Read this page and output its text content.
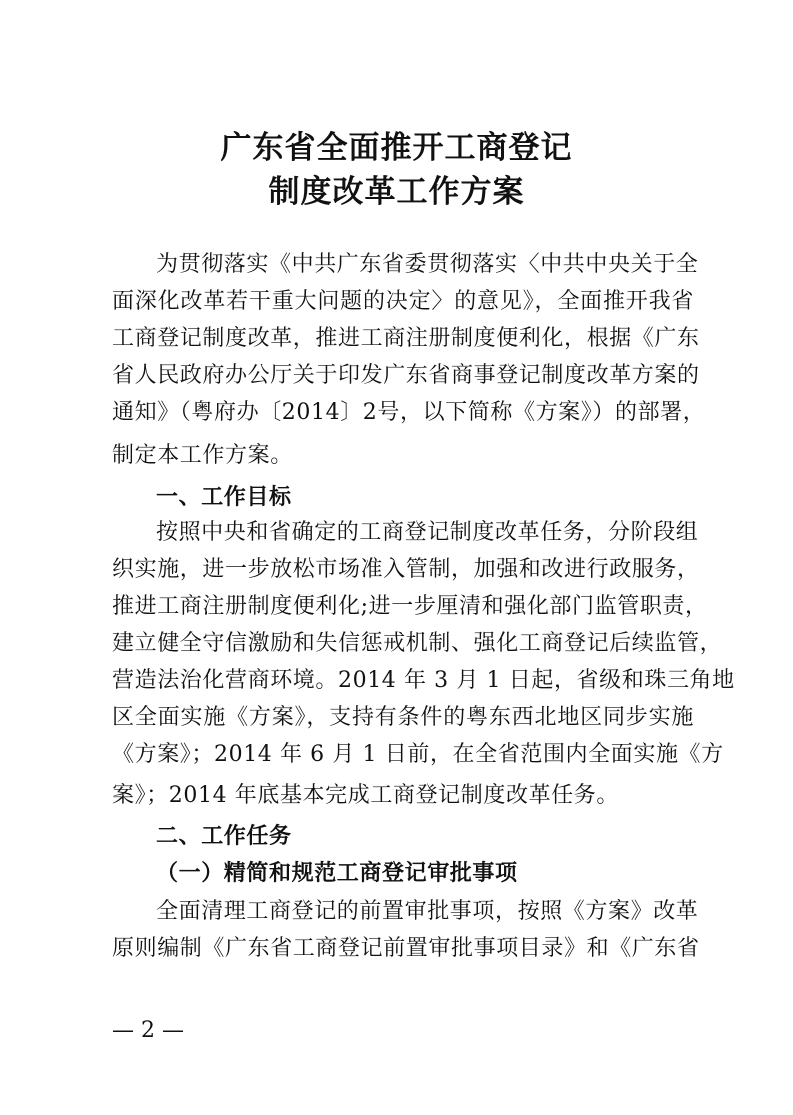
广东省全面推开工商登记
制度改革工作方案
为贯彻落实《中共广东省委贯彻落实〈中共中央关于全
面深化改革若干重大问题的决定〉的意见》，全面推开我省
工商登记制度改革，推进工商注册制度便利化，根据《广东
省人民政府办公厅关于印发广东省商事登记制度改革方案的
通知》（粤府办〔2014〕2号，以下简称《方案》）的部署，
制定本工作方案。
一、工作目标
按照中央和省确定的工商登记制度改革任务，分阶段组
织实施，进一步放松市场准入管制，加强和改进行政服务，
推进工商注册制度便利化;进一步厘清和强化部门监管职责，
建立健全守信激励和失信惩戒机制、强化工商登记后续监管，
营造法治化营商环境。2014 年 3 月 1 日起，省级和珠三角地
区全面实施《方案》，支持有条件的粤东西北地区同步实施
《方案》；2014 年 6 月 1 日前，在全省范围内全面实施《方
案》；2014 年底基本完成工商登记制度改革任务。
二、工作任务
（一）精简和规范工商登记审批事项
全面清理工商登记的前置审批事项，按照《方案》改革
原则编制《广东省工商登记前置审批事项目录》和《广东省
— 2 —
